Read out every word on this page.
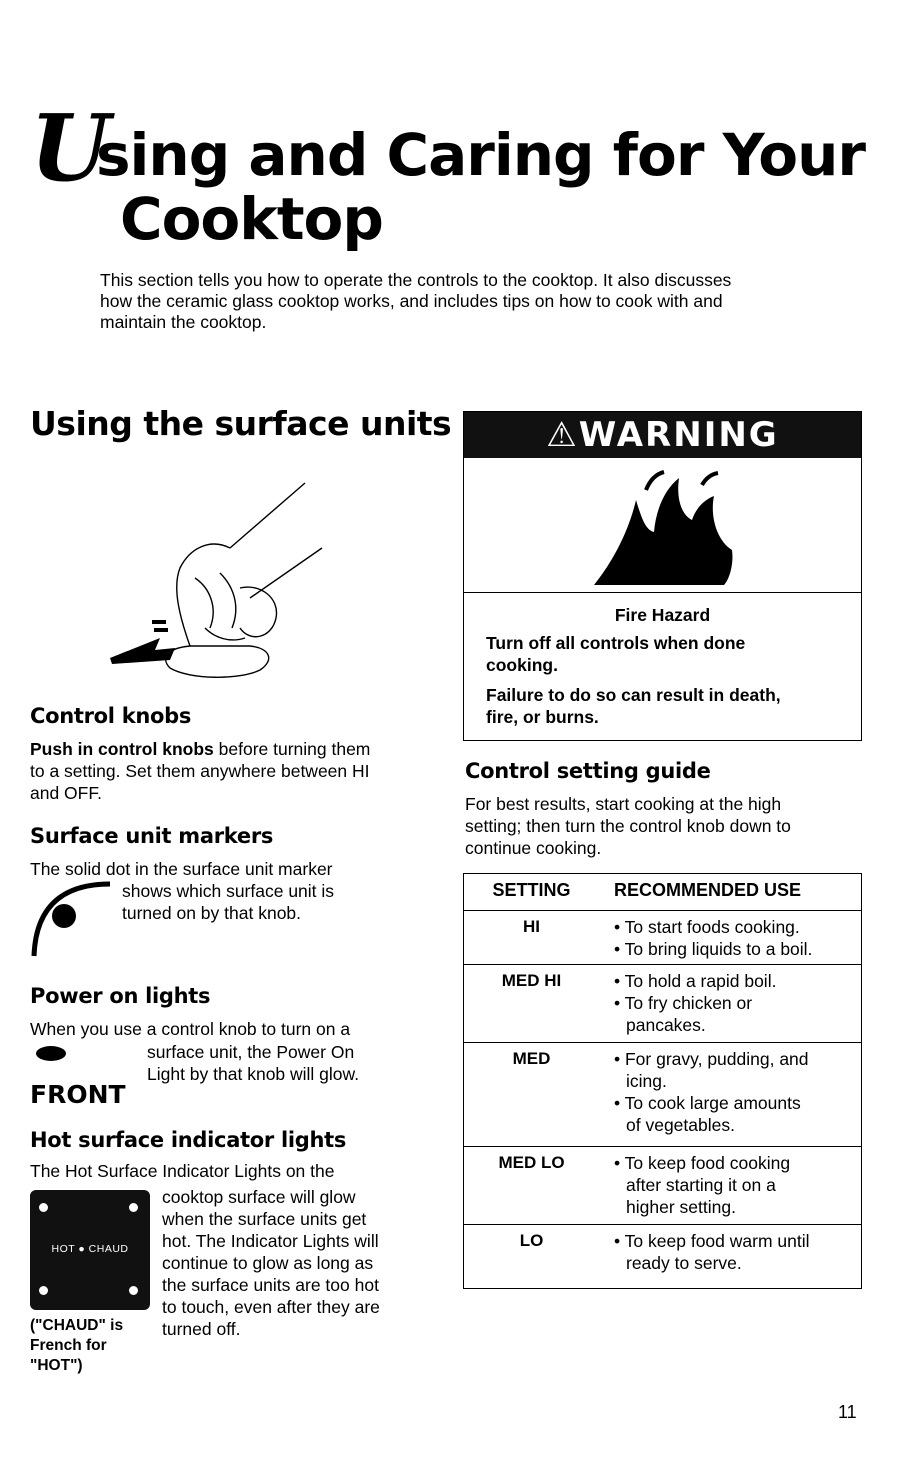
U
sing and Caring for Your
Cooktop
This section tells you how to operate the controls to the cooktop. It also discusses
how the ceramic glass cooktop works, and includes tips on how to cook with and
maintain the cooktop.
Using the surface units
Control knobs
Push in control knobs before turning them
to a setting. Set them anywhere between HI
and OFF.
Surface unit markers
The solid dot in the surface unit marker
shows which surface unit is
turned on by that knob.
Power on lights
When you use a control knob to turn on a
surface unit, the Power On
Light by that knob will glow.
FRONT
Hot surface indicator lights
The Hot Surface Indicator Lights on the
HOT ● CHAUD
cooktop surface will glow
when the surface units get
hot. The Indicator Lights will
continue to glow as long as
the surface units are too hot
to touch, even after they are
turned off.
("CHAUD" is
French for
"HOT")
⚠WARNING
Fire Hazard
Turn off all controls when done
cooking.
Failure to do so can result in death,
fire, or burns.
Control setting guide
For best results, start cooking at the high
setting; then turn the control knob down to
continue cooking.
SETTING	RECOMMENDED USE
HI	• To start foods cooking.
• To bring liquids to a boil.
MED HI	• To hold a rapid boil.
• To fry chicken or
pancakes.
MED	• For gravy, pudding, and
icing.
• To cook large amounts
of vegetables.
MED LO	• To keep food cooking
after starting it on a
higher setting.
LO	• To keep food warm until
ready to serve.
11
